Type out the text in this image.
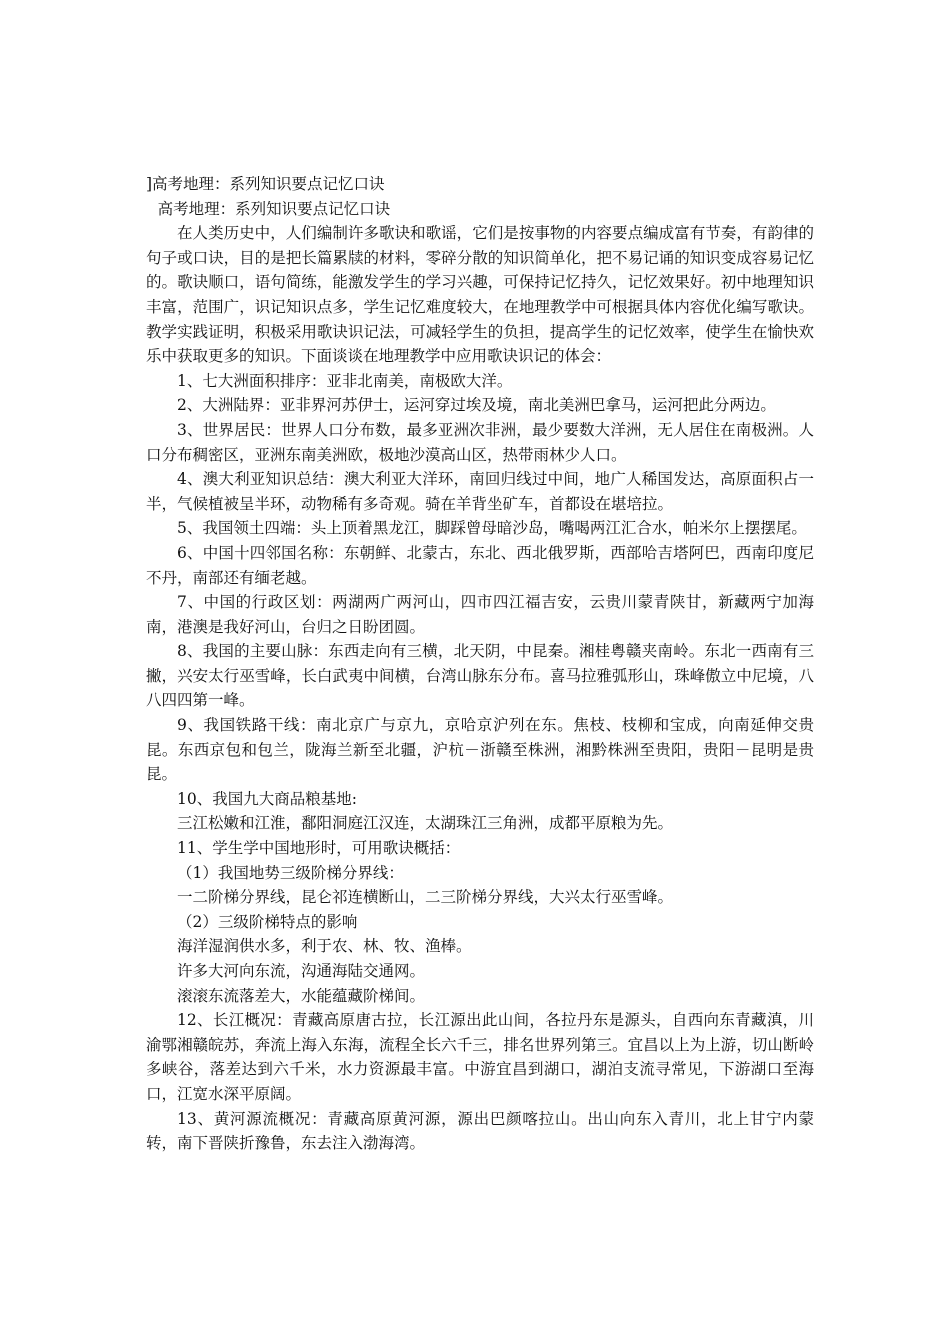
]高考地理：系列知识要点记忆口诀

高考地理：系列知识要点记忆口诀

在人类历史中，人们编制许多歌诀和歌谣，它们是按事物的内容要点编成富有节奏，有韵律的句子或口诀，目的是把长篇累牍的材料，零碎分散的知识简单化，把不易记诵的知识变成容易记忆的。歌诀顺口，语句简练，能激发学生的学习兴趣，可保持记忆持久，记忆效果好。初中地理知识丰富，范围广，识记知识点多，学生记忆难度较大，在地理教学中可根据具体内容优化编写歌诀。教学实践证明，积极采用歌诀识记法，可减轻学生的负担，提高学生的记忆效率，使学生在愉快欢乐中获取更多的知识。下面谈谈在地理教学中应用歌诀识记的体会：

1、七大洲面积排序：亚非北南美，南极欧大洋。

2、大洲陆界：亚非界河苏伊士，运河穿过埃及境，南北美洲巴拿马，运河把此分两边。

3、世界居民：世界人口分布数，最多亚洲次非洲，最少要数大洋洲，无人居住在南极洲。人口分布稠密区，亚洲东南美洲欧，极地沙漠高山区，热带雨林少人口。

4、澳大利亚知识总结：澳大利亚大洋环，南回归线过中间，地广人稀国发达，高原面积占一半，气候植被呈半环，动物稀有多奇观。骑在羊背坐矿车，首都设在堪培拉。

5、我国领土四端：头上顶着黑龙江，脚踩曾母暗沙岛，嘴喝两江汇合水，帕米尔上摆摆尾。

6、中国十四邻国名称：东朝鲜、北蒙古，东北、西北俄罗斯，西部哈吉塔阿巴，西南印度尼不丹，南部还有缅老越。

7、中国的行政区划：两湖两广两河山，四市四江福吉安，云贵川蒙青陕甘，新藏两宁加海南，港澳是我好河山，台归之日盼团圆。

8、我国的主要山脉：东西走向有三横，北天阴，中昆秦。湘桂粤赣夹南岭。东北一西南有三撇，兴安太行巫雪峰，长白武夷中间横，台湾山脉东分布。喜马拉雅弧形山，珠峰傲立中尼境，八八四四第一峰。

9、我国铁路干线：南北京广与京九，京哈京沪列在东。焦枝、枝柳和宝成，向南延伸交贵昆。东西京包和包兰，陇海兰新至北疆，沪杭－浙赣至株洲，湘黔株洲至贵阳，贵阳－昆明是贵昆。

10、我国九大商品粮基地:

三江松嫩和江淮，鄱阳洞庭江汉连，太湖珠江三角洲，成都平原粮为先。

11、学生学中国地形时，可用歌诀概括：

（1）我国地势三级阶梯分界线：

一二阶梯分界线，昆仑祁连横断山，二三阶梯分界线，大兴太行巫雪峰。

（2）三级阶梯特点的影响

海洋湿润供水多，利于农、林、牧、渔棒。

许多大河向东流，沟通海陆交通网。

滚滚东流落差大，水能蕴藏阶梯间。

12、长江概况：青藏高原唐古拉，长江源出此山间，各拉丹东是源头，自西向东青藏滇，川渝鄂湘赣皖苏，奔流上海入东海，流程全长六千三，排名世界列第三。宜昌以上为上游，切山断岭多峡谷，落差达到六千米，水力资源最丰富。中游宜昌到湖口，湖泊支流寻常见，下游湖口至海口，江宽水深平原阔。

13、黄河源流概况：青藏高原黄河源，源出巴颜喀拉山。出山向东入青川，北上甘宁内蒙转，南下晋陕折豫鲁，东去注入渤海湾。
